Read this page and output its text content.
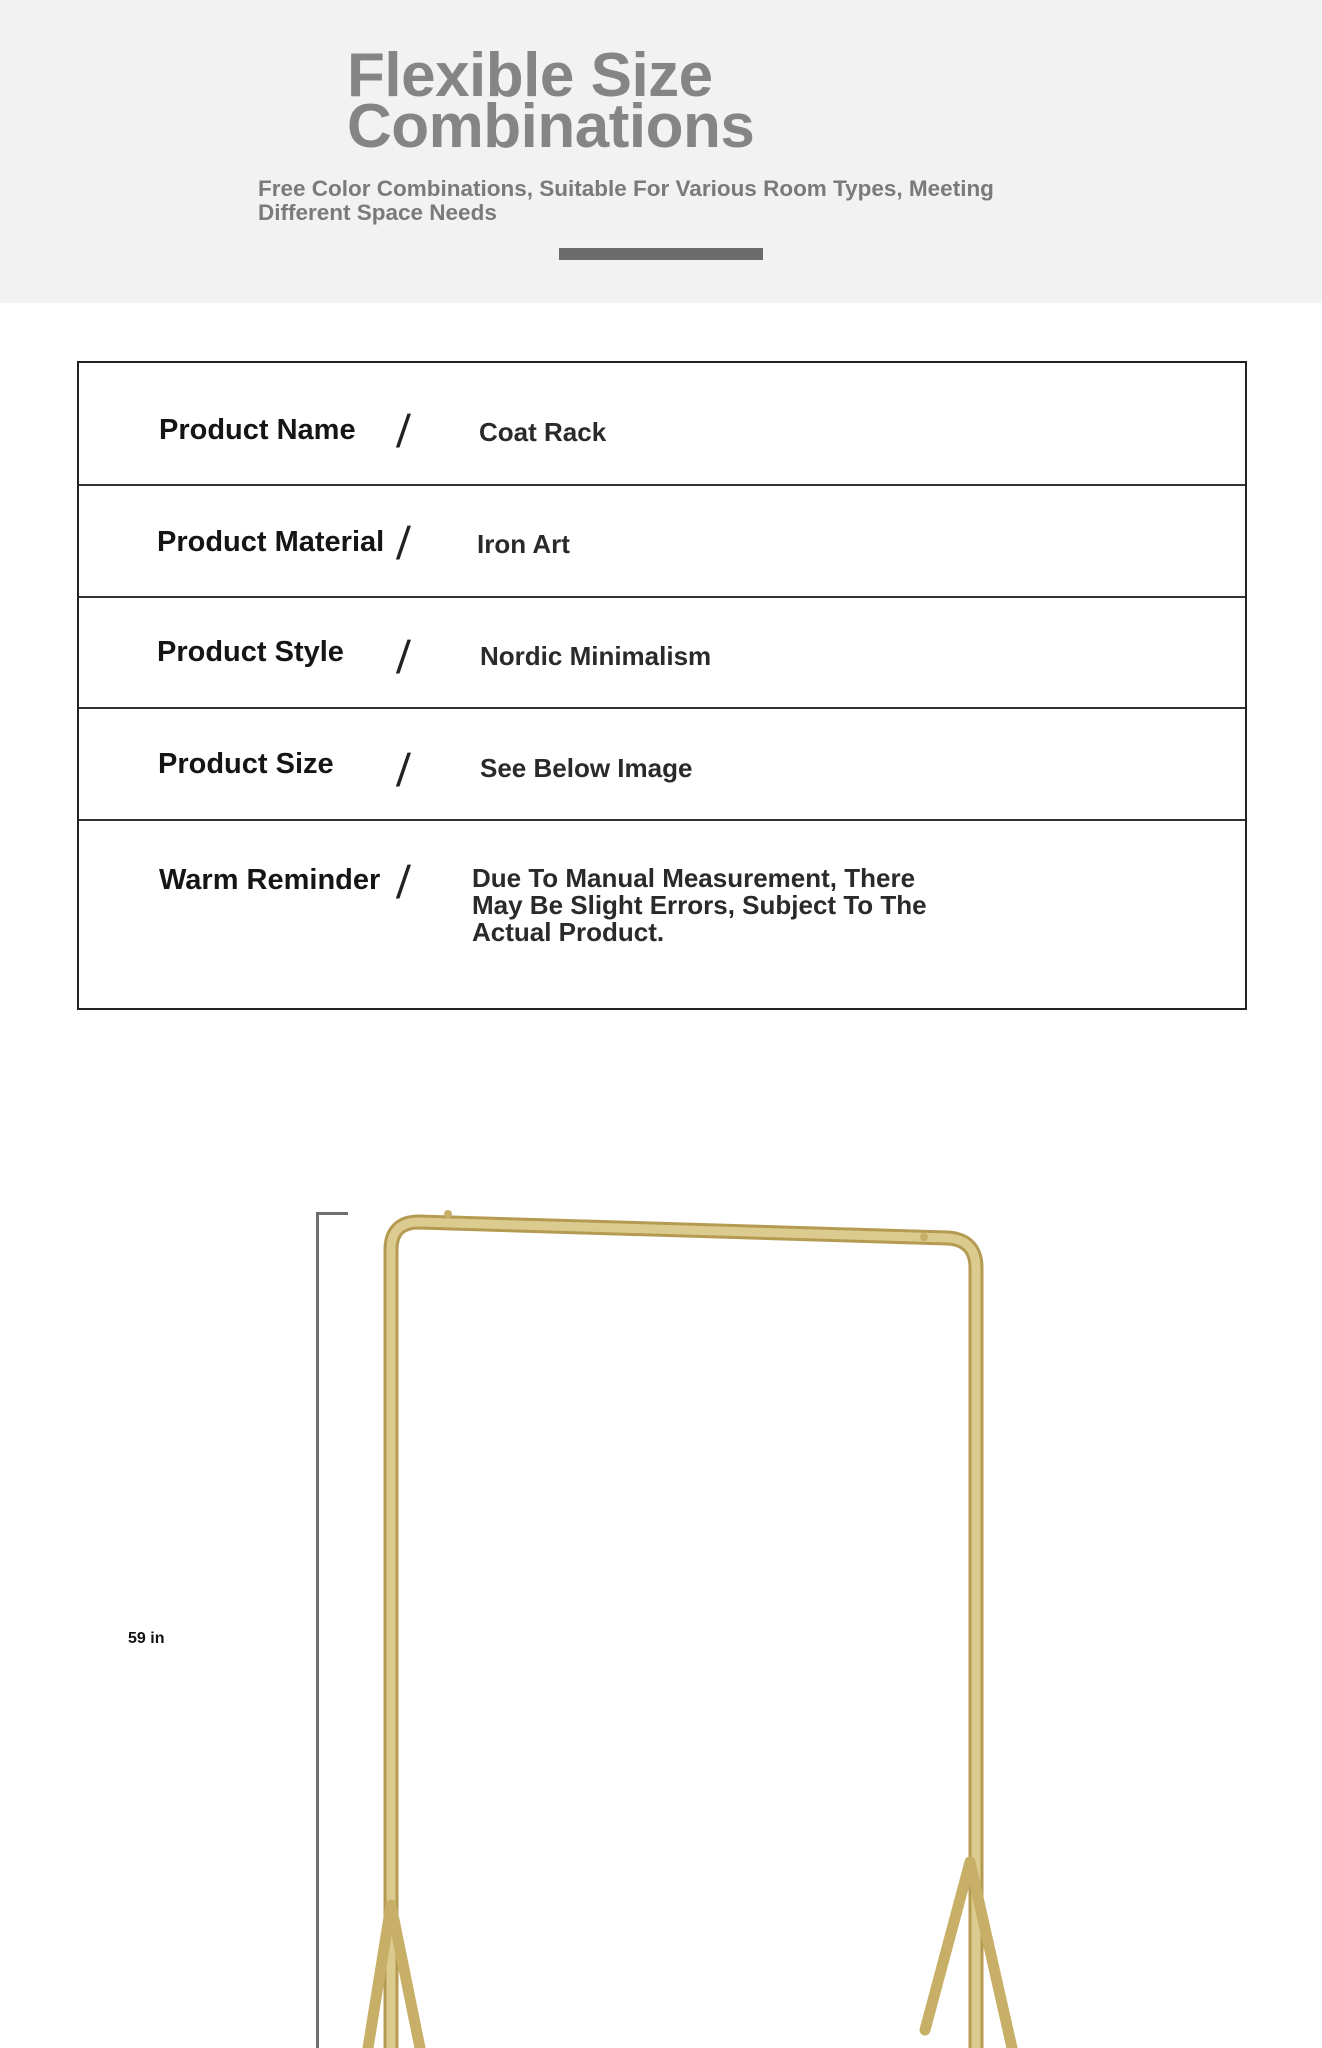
Flexible Size
Combinations

Free Color Combinations, Suitable For Various Room Types, Meeting Different Space Needs

Product Name /	Coat Rack
Product Material /	Iron Art
Product Style /	Nordic Minimalism
Product Size /	See Below Image
Warm Reminder / Due To Manual Measurement, There May Be Slight Errors, Subject To The Actual Product.
59 in
